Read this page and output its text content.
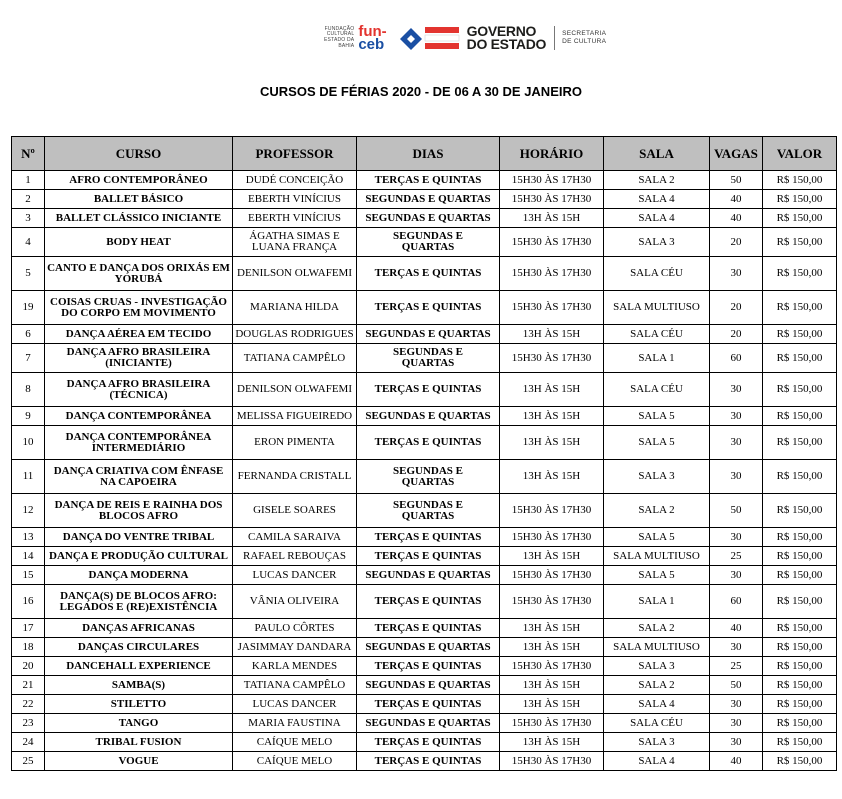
FUNDAÇÃO
CULTURAL
ESTADO DA
BAHIA
fun-
ceb
GOVERNO
DO ESTADO
SECRETARIA
DE CULTURA
CURSOS DE FÉRIAS 2020 - DE 06 A 30 DE JANEIRO
Nº	CURSO	PROFESSOR	DIAS	HORÁRIO	SALA	VAGAS	VALOR
1	AFRO CONTEMPORÂNEO	DUDÉ CONCEIÇÃO	TERÇAS E QUINTAS	15H30 ÀS 17H30	SALA 2	50	R$ 150,00
2	BALLET BÁSICO	EBERTH VINÍCIUS	SEGUNDAS E QUARTAS	15H30 ÀS 17H30	SALA 4	40	R$ 150,00
3	BALLET CLÁSSICO INICIANTE	EBERTH VINÍCIUS	SEGUNDAS E QUARTAS	13H ÀS 15H	SALA 4	40	R$ 150,00
4	BODY HEAT	ÁGATHA SIMAS E LUANA FRANÇA	SEGUNDAS E QUARTAS	15H30 ÀS 17H30	SALA 3	20	R$ 150,00
5	CANTO E DANÇA DOS ORIXÁS EM YORUBÁ	DENILSON OLWAFEMI	TERÇAS E QUINTAS	15H30 ÀS 17H30	SALA CÉU	30	R$ 150,00
19	COISAS CRUAS - INVESTIGAÇÃO DO CORPO EM MOVIMENTO	MARIANA HILDA	TERÇAS E QUINTAS	15H30 ÀS 17H30	SALA MULTIUSO	20	R$ 150,00
6	DANÇA AÉREA EM TECIDO	DOUGLAS RODRIGUES	SEGUNDAS E QUARTAS	13H ÀS 15H	SALA CÉU	20	R$ 150,00
7	DANÇA AFRO BRASILEIRA (INICIANTE)	TATIANA CAMPÊLO	SEGUNDAS E QUARTAS	15H30 ÀS 17H30	SALA 1	60	R$ 150,00
8	DANÇA AFRO BRASILEIRA (TÉCNICA)	DENILSON OLWAFEMI	TERÇAS E QUINTAS	13H ÀS 15H	SALA CÉU	30	R$ 150,00
9	DANÇA CONTEMPORÂNEA	MELISSA FIGUEIREDO	SEGUNDAS E QUARTAS	13H ÀS 15H	SALA 5	30	R$ 150,00
10	DANÇA CONTEMPORÂNEA INTERMEDIÁRIO	ERON PIMENTA	TERÇAS E QUINTAS	13H ÀS 15H	SALA 5	30	R$ 150,00
11	DANÇA CRIATIVA COM ÊNFASE NA CAPOEIRA	FERNANDA CRISTALL	SEGUNDAS E QUARTAS	13H ÀS 15H	SALA 3	30	R$ 150,00
12	DANÇA DE REIS E RAINHA DOS BLOCOS AFRO	GISELE SOARES	SEGUNDAS E QUARTAS	15H30 ÀS 17H30	SALA 2	50	R$ 150,00
13	DANÇA DO VENTRE TRIBAL	CAMILA SARAIVA	TERÇAS E QUINTAS	15H30 ÀS 17H30	SALA 5	30	R$ 150,00
14	DANÇA E PRODUÇÃO CULTURAL	RAFAEL REBOUÇAS	TERÇAS E QUINTAS	13H ÀS 15H	SALA MULTIUSO	25	R$ 150,00
15	DANÇA MODERNA	LUCAS DANCER	SEGUNDAS E QUARTAS	15H30 ÀS 17H30	SALA 5	30	R$ 150,00
16	DANÇA(S) DE BLOCOS AFRO: LEGADOS E (RE)EXISTÊNCIA	VÂNIA OLIVEIRA	TERÇAS E QUINTAS	15H30 ÀS 17H30	SALA 1	60	R$ 150,00
17	DANÇAS AFRICANAS	PAULO CÔRTES	TERÇAS E QUINTAS	13H ÀS 15H	SALA 2	40	R$ 150,00
18	DANÇAS CIRCULARES	JASIMMAY DANDARA	SEGUNDAS E QUARTAS	13H ÀS 15H	SALA MULTIUSO	30	R$ 150,00
20	DANCEHALL EXPERIENCE	KARLA MENDES	TERÇAS E QUINTAS	15H30 ÀS 17H30	SALA 3	25	R$ 150,00
21	SAMBA(S)	TATIANA CAMPÊLO	SEGUNDAS E QUARTAS	13H ÀS 15H	SALA 2	50	R$ 150,00
22	STILETTO	LUCAS DANCER	TERÇAS E QUINTAS	13H ÀS 15H	SALA 4	30	R$ 150,00
23	TANGO	MARIA FAUSTINA	SEGUNDAS E QUARTAS	15H30 ÀS 17H30	SALA CÉU	30	R$ 150,00
24	TRIBAL FUSION	CAÍQUE MELO	TERÇAS E QUINTAS	13H ÀS 15H	SALA 3	30	R$ 150,00
25	VOGUE	CAÍQUE MELO	TERÇAS E QUINTAS	15H30 ÀS 17H30	SALA 4	40	R$ 150,00
